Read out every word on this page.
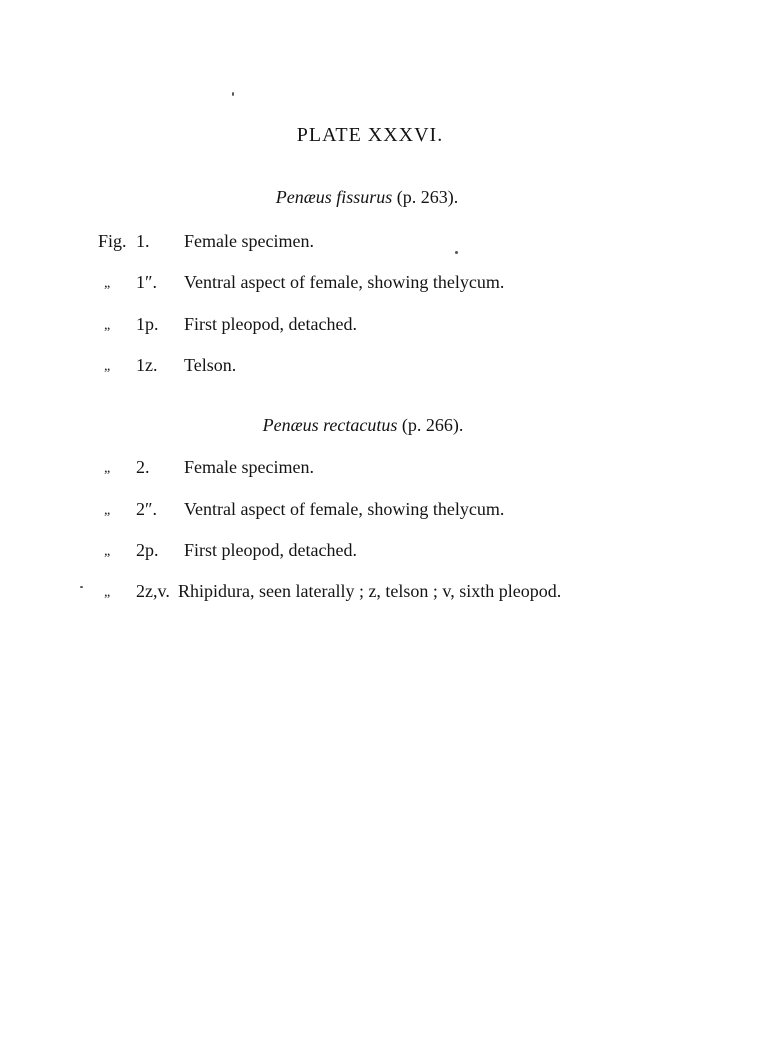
PLATE XXXVI.
Penæus fissurus (p. 263).
Fig. 1. Female specimen.
„ 1″. Ventral aspect of female, showing thelycum.
„ 1p. First pleopod, detached.
„ 1z. Telson.
Penæus rectacutus (p. 266).
„ 2. Female specimen.
„ 2″. Ventral aspect of female, showing thelycum.
„ 2p. First pleopod, detached.
„ 2z,v. Rhipidura, seen laterally ; z, telson ; v, sixth pleopod.
